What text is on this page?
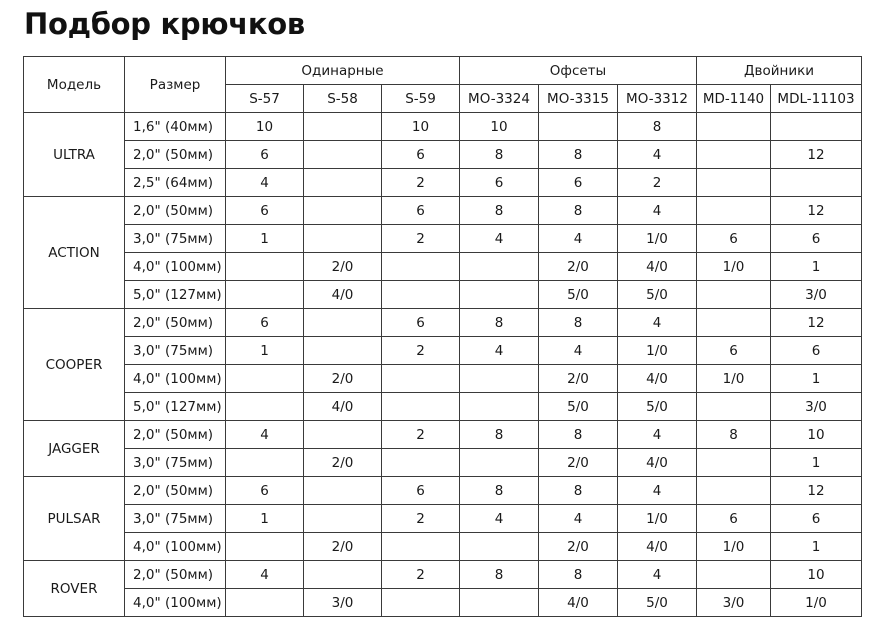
Подбор крючков
Модель	Размер	Одинарные			Офсеты			Двойники	
		S-57	S-58	S-59	MO-3324	MO-3315	MO-3312	MD-1140	MDL-11103
ULTRA	1,6" (40мм)	10		10	10		8		
	2,0" (50мм)	6		6	8	8	4		12
	2,5" (64мм)	4		2	6	6	2		
ACTION	2,0" (50мм)	6		6	8	8	4		12
	3,0" (75мм)	1		2	4	4	1/0	6	6
	4,0" (100мм)		2/0			2/0	4/0	1/0	1
	5,0" (127мм)		4/0			5/0	5/0		3/0
COOPER	2,0" (50мм)	6		6	8	8	4		12
	3,0" (75мм)	1		2	4	4	1/0	6	6
	4,0" (100мм)		2/0			2/0	4/0	1/0	1
	5,0" (127мм)		4/0			5/0	5/0		3/0
JAGGER	2,0" (50мм)	4		2	8	8	4	8	10
	3,0" (75мм)		2/0			2/0	4/0		1
PULSAR	2,0" (50мм)	6		6	8	8	4		12
	3,0" (75мм)	1		2	4	4	1/0	6	6
	4,0" (100мм)		2/0			2/0	4/0	1/0	1
ROVER	2,0" (50мм)	4		2	8	8	4		10
	4,0" (100мм)		3/0			4/0	5/0	3/0	1/0
